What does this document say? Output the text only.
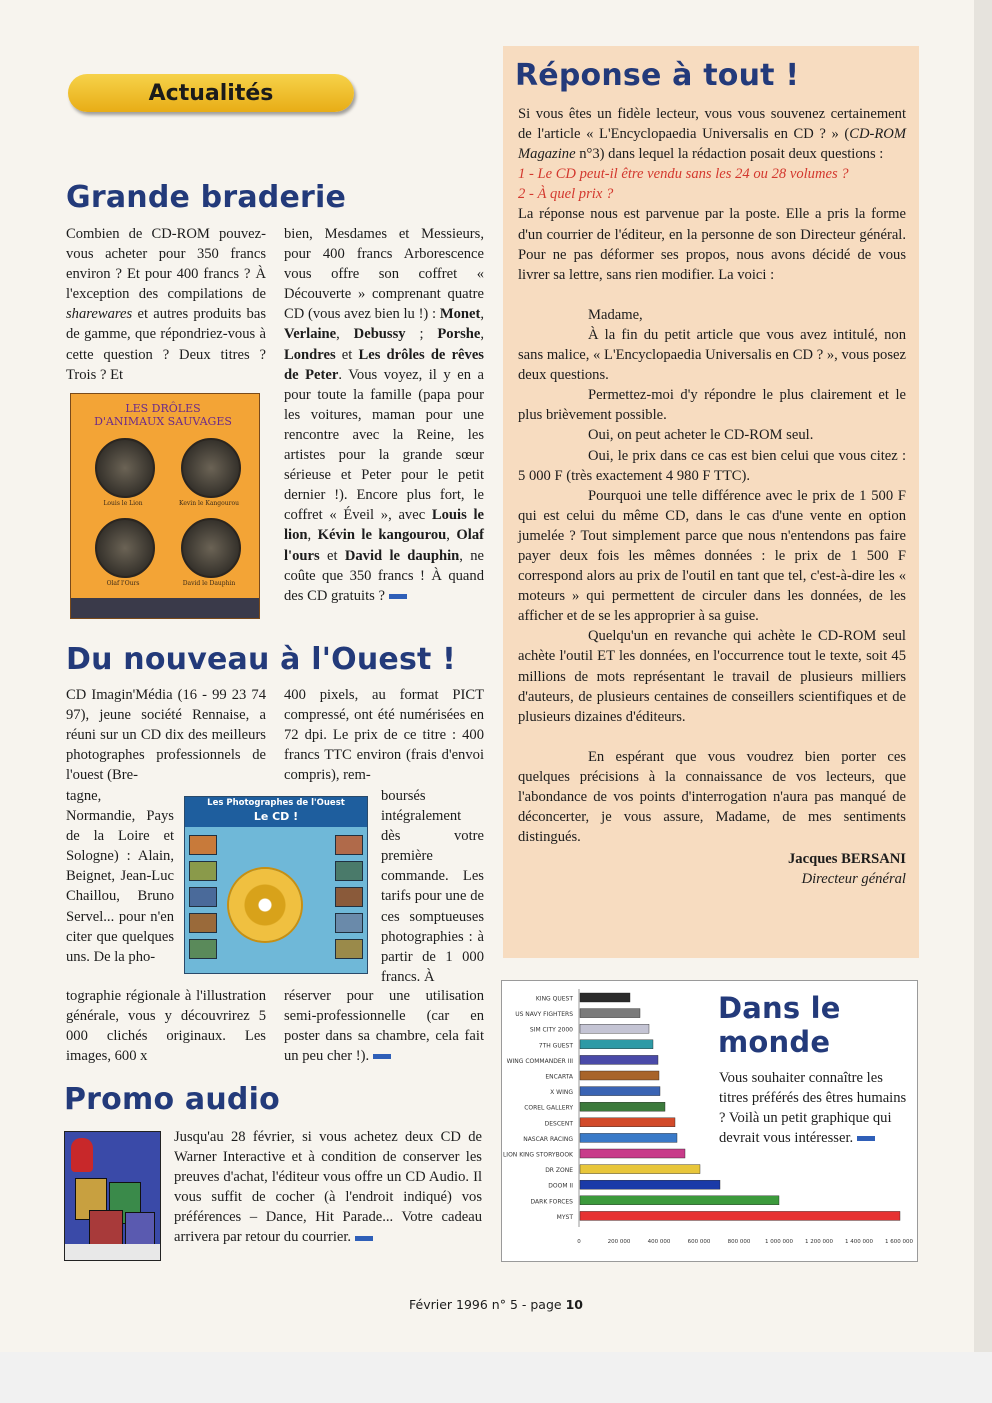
Actualités
Grande braderie

Combien de CD-ROM pouvez-vous acheter pour 350 francs environ ? Et pour 400 francs ? À l'exception des compilations de sharewares et autres produits bas de gamme, que répondriez-vous à cette question ? Deux titres ? Trois ? Et

LES DRÔLES D'ANIMAUX SAUVAGES
Louis le Lion	Kevin le Kangourou
Olaf l'Ours	David le Dauphin

bien, Mesdames et Messieurs, pour 400 francs Arborescence vous offre son coffret « Découverte » comprenant quatre CD (vous avez bien lu !) : Monet, Verlaine, Debussy ; Porshe, Londres et Les drôles de rêves de Peter. Vous voyez, il y en a pour toute la famille (papa pour les voitures, maman pour une rencontre avec la Reine, les artistes pour la grande sœur sérieuse et Peter pour le petit dernier !). Encore plus fort, le coffret « Éveil », avec Louis le lion, Kévin le kangourou, Olaf l'ours et David le dauphin, ne coûte que 350 francs ! À quand des CD gratuits ?

Du nouveau à l'Ouest !
CD Imagin'Média (16 - 99 23 74 97), jeune société Rennaise, a réuni sur un CD dix des meilleurs photographes professionnels de l'ouest (Bre-
tagne, Normandie, Pays de la Loire et Sologne) : Alain, Beignet, Jean-Luc Chaillou, Bruno Servel... pour n'en citer que quelques uns. De la pho-
tographie régionale à l'illustration générale, vous y découvrirez 5 000 clichés originaux. Les images, 600 x
Les Photographes de l'Ouest
Le CD !
400 pixels, au format PICT compressé, ont été numérisées en 72 dpi. Le prix de ce titre : 400 francs TTC environ (frais d'envoi compris), rem-
boursés intégralement dès votre première commande. Les tarifs pour une de ces somptueuses photographies : à partir de 1 000 francs. À
réserver pour une utilisation semi-professionnelle (car en poster dans sa chambre, cela fait un peu cher !).
Promo audio
Jusqu'au 28 février, si vous achetez deux CD de Warner Interactive et à condition de conserver les preuves d'achat, l'éditeur vous offre un CD Audio. Il vous suffit de cocher (à l'endroit indiqué) vos préférences – Dance, Hit Parade... Votre cadeau arrivera par retour du courrier.
Réponse à tout !

Si vous êtes un fidèle lecteur, vous vous souvenez certainement de l'article « L'Encyclopaedia Universalis en CD ? » (CD-ROM Magazine n°3) dans lequel la rédaction posait deux questions :

1 - Le CD peut-il être vendu sans les 24 ou 28 volumes ?

2 - À quel prix ?

La réponse nous est parvenue par la poste. Elle a pris la forme d'un courrier de l'éditeur, en la personne de son Directeur général. Pour ne pas déformer ses propos, nous avons décidé de vous livrer sa lettre, sans rien modifier. La voici :

Madame,

À la fin du petit article que vous avez intitulé, non sans malice, « L'Encyclopaedia Universalis en CD ? », vous posez deux questions.

Permettez-moi d'y répondre le plus clairement et le plus brièvement possible.

Oui, on peut acheter le CD-ROM seul.

Oui, le prix dans ce cas est bien celui que vous citez : 5 000 F (très exactement 4 980 F TTC).

Pourquoi une telle différence avec le prix de 1 500 F qui est celui du même CD, dans le cas d'une vente en option jumelée ? Tout simplement parce que nous n'entendons pas faire payer deux fois les mêmes données : le prix de 1 500 F correspond alors au prix de l'outil en tant que tel, c'est-à-dire les « moteurs » qui permettent de circuler dans les données, de les afficher et de se les approprier à sa guise.

Quelqu'un en revanche qui achète le CD-ROM seul achète l'outil ET les données, en l'occurrence tout le texte, soit 45 millions de mots représentant le travail de plusieurs milliers d'auteurs, de plusieurs centaines de conseillers scientifiques et de plusieurs dizaines d'éditeurs.

En espérant que vous voudrez bien porter ces quelques précisions à la connaissance de vos lecteurs, que l'abondance de vos points d'interrogation n'aura pas manqué de déconcerter, je vous assure, Madame, de mes sentiments distingués.

Jacques BERSANI

Directeur général

KING QUEST
US NAVY FIGHTERS
SIM CITY 2000
7TH GUEST
WING COMMANDER III
ENCARTA
X WING
COREL GALLERY
DESCENT
NASCAR RACING
LION KING STORYBOOK
DR ZONE
DOOM II
DARK FORCES
MYST
0	200 000	400 000	600 000	800 000	1 000 000 1 200 000 1 400 000 1 600 000
Dans le
monde
Vous souhaiter connaître les titres préférés des êtres humains ? Voilà un petit graphique qui devrait vous intéresser.
Février 1996 n° 5 - page 10
